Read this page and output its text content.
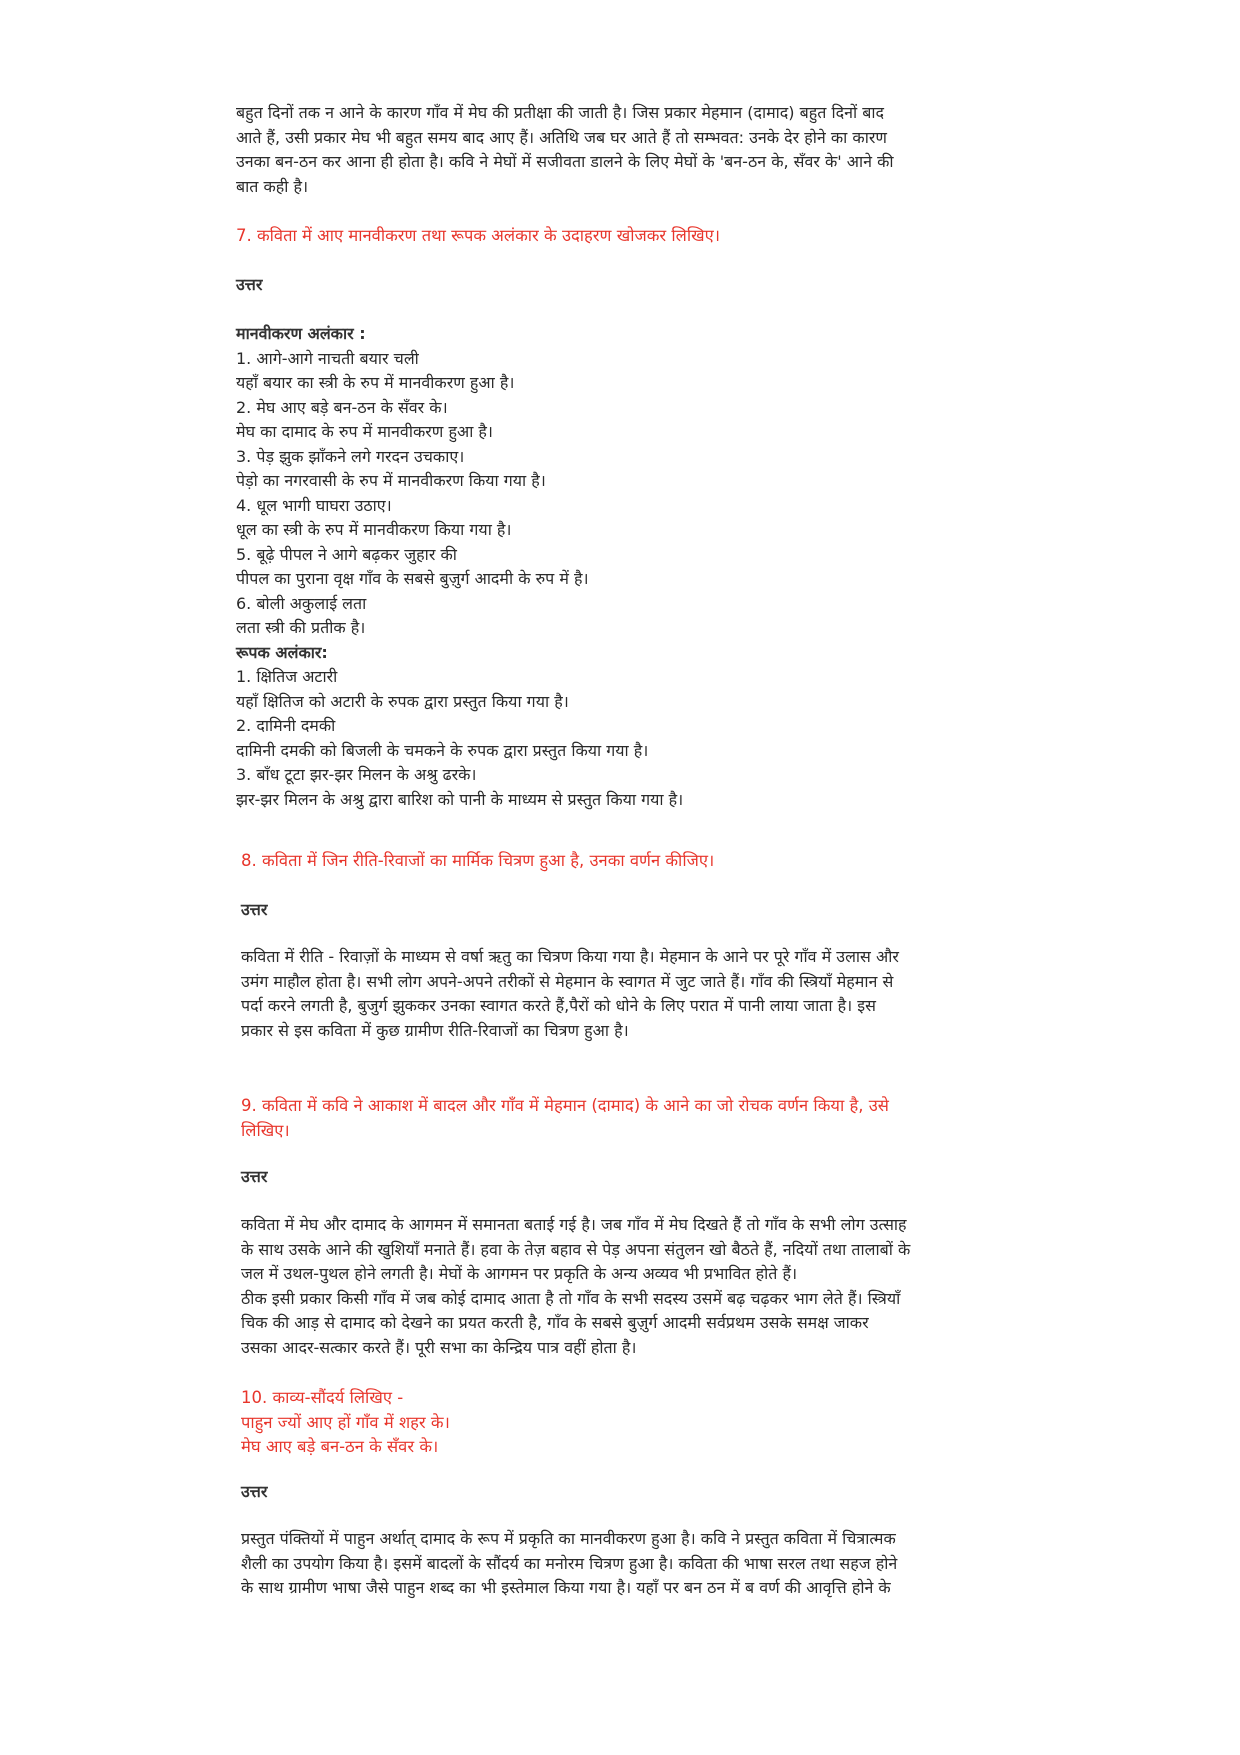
बहुत दिनों तक न आने के कारण गाँव में मेघ की प्रतीक्षा की जाती है। जिस प्रकार मेहमान (दामाद) बहुत दिनों बाद
आते हैं, उसी प्रकार मेघ भी बहुत समय बाद आए हैं। अतिथि जब घर आते हैं तो सम्भवत: उनके देर होने का कारण
उनका बन-ठन कर आना ही होता है। कवि ने मेघों में सजीवता डालने के लिए मेघों के 'बन-ठन के, सँवर के' आने की
बात कही है।
7. कविता में आए मानवीकरण तथा रूपक अलंकार के उदाहरण खोजकर लिखिए।
उत्तर
मानवीकरण अलंकार :
1. आगे-आगे नाचती बयार चली
यहाँ बयार का स्त्री के रुप में मानवीकरण हुआ है।
2. मेघ आए बड़े बन-ठन के सँवर के।
मेघ का दामाद के रुप में मानवीकरण हुआ है।
3. पेड़ झुक झाँकने लगे गरदन उचकाए।
पेड़ो का नगरवासी के रुप में मानवीकरण किया गया है।
4. धूल भागी घाघरा उठाए।
धूल का स्त्री के रुप में मानवीकरण किया गया है।
5. बूढ़े पीपल ने आगे बढ़कर जुहार की
पीपल का पुराना वृक्ष गाँव के सबसे बुज़ुर्ग आदमी के रुप में है।
6. बोली अकुलाई लता
लता स्त्री की प्रतीक है।
रूपक अलंकार:
1. क्षितिज अटारी
यहाँ क्षितिज को अटारी के रुपक द्वारा प्रस्तुत किया गया है।
2. दामिनी दमकी
दामिनी दमकी को बिजली के चमकने के रुपक द्वारा प्रस्तुत किया गया है।
3. बाँध टूटा झर-झर मिलन के अश्रु ढरके।
झर-झर मिलन के अश्रु द्वारा बारिश को पानी के माध्यम से प्रस्तुत किया गया है।
8. कविता में जिन रीति-रिवाजों का मार्मिक चित्रण हुआ है, उनका वर्णन कीजिए।
उत्तर
कविता में रीति - रिवाज़ों के माध्यम से वर्षा ऋतु का चित्रण किया गया है। मेहमान के आने पर पूरे गाँव में उलास और
उमंग माहौल होता है। सभी लोग अपने-अपने तरीकों से मेहमान के स्वागत में जुट जाते हैं। गाँव की स्त्रियाँ मेहमान से
पर्दा करने लगती है, बुजुर्ग झुककर उनका स्वागत करते हैं,पैरों को धोने के लिए परात में पानी लाया जाता है। इस
प्रकार से इस कविता में कुछ ग्रामीण रीति-रिवाजों का चित्रण हुआ है।
9. कविता में कवि ने आकाश में बादल और गाँव में मेहमान (दामाद) के आने का जो रोचक वर्णन किया है, उसे
लिखिए।
उत्तर
कविता में मेघ और दामाद के आगमन में समानता बताई गई है। जब गाँव में मेघ दिखते हैं तो गाँव के सभी लोग उत्साह
के साथ उसके आने की खुशियाँ मनाते हैं। हवा के तेज़ बहाव से पेड़ अपना संतुलन खो बैठते हैं, नदियों तथा तालाबों के
जल में उथल-पुथल होने लगती है। मेघों के आगमन पर प्रकृति के अन्य अव्यव भी प्रभावित होते हैं।
ठीक इसी प्रकार किसी गाँव में जब कोई दामाद आता है तो गाँव के सभी सदस्य उसमें बढ़ चढ़कर भाग लेते हैं। स्त्रियाँ
चिक की आड़ से दामाद को देखने का प्रयत करती है, गाँव के सबसे बुज़ुर्ग आदमी सर्वप्रथम उसके समक्ष जाकर
उसका आदर-सत्कार करते हैं। पूरी सभा का केन्द्रिय पात्र वहीं होता है।
10. काव्य-सौंदर्य लिखिए -
पाहुन ज्यों आए हों गाँव में शहर के।
मेघ आए बड़े बन-ठन के सँवर के।
उत्तर
प्रस्तुत पंक्तियों में पाहुन अर्थात् दामाद के रूप में प्रकृति का मानवीकरण हुआ है। कवि ने प्रस्तुत कविता में चित्रात्मक
शैली का उपयोग किया है। इसमें बादलों के सौंदर्य का मनोरम चित्रण हुआ है। कविता की भाषा सरल तथा सहज होने
के साथ ग्रामीण भाषा जैसे पाहुन शब्द का भी इस्तेमाल किया गया है। यहाँ पर बन ठन में ब वर्ण की आवृत्ति होने के
